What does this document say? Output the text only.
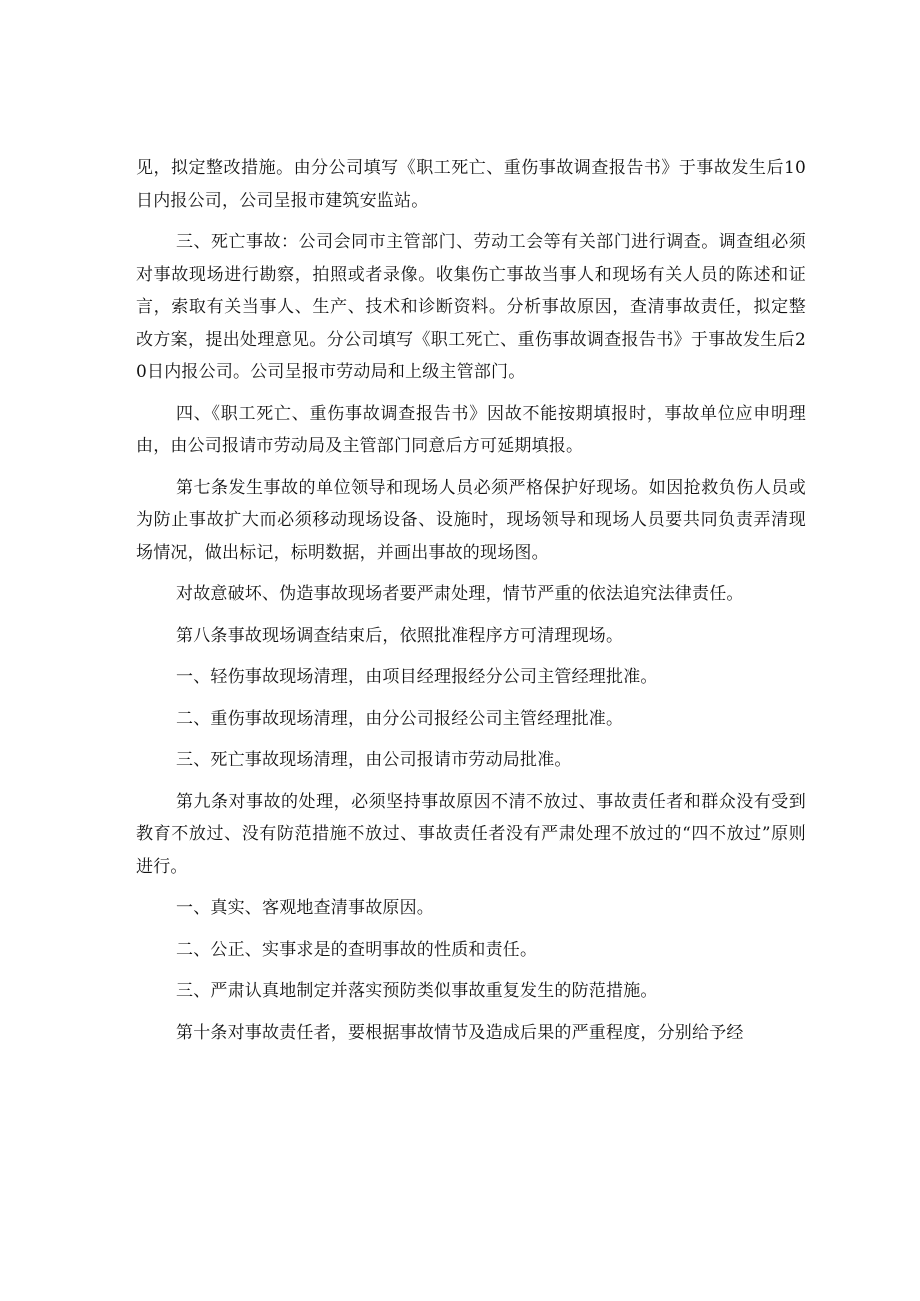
见，拟定整改措施。由分公司填写《职工死亡、重伤事故调查报告书》于事故发生后10日内报公司，公司呈报市建筑安监站。

三、死亡事故：公司会同市主管部门、劳动工会等有关部门进行调查。调查组必须对事故现场进行勘察，拍照或者录像。收集伤亡事故当事人和现场有关人员的陈述和证言，索取有关当事人、生产、技术和诊断资料。分析事故原因，查清事故责任，拟定整改方案，提出处理意见。分公司填写《职工死亡、重伤事故调查报告书》于事故发生后20日内报公司。公司呈报市劳动局和上级主管部门。

四、《职工死亡、重伤事故调查报告书》因故不能按期填报时，事故单位应申明理由，由公司报请市劳动局及主管部门同意后方可延期填报。

第七条发生事故的单位领导和现场人员必须严格保护好现场。如因抢救负伤人员或为防止事故扩大而必须移动现场设备、设施时，现场领导和现场人员要共同负责弄清现场情况，做出标记，标明数据，并画出事故的现场图。

对故意破坏、伪造事故现场者要严肃处理，情节严重的依法追究法律责任。

第八条事故现场调查结束后，依照批准程序方可清理现场。

一、轻伤事故现场清理，由项目经理报经分公司主管经理批准。

二、重伤事故现场清理，由分公司报经公司主管经理批准。

三、死亡事故现场清理，由公司报请市劳动局批准。

第九条对事故的处理，必须坚持事故原因不清不放过、事故责任者和群众没有受到教育不放过、没有防范措施不放过、事故责任者没有严肃处理不放过的“四不放过”原则进行。

一、真实、客观地查清事故原因。

二、公正、实事求是的查明事故的性质和责任。

三、严肃认真地制定并落实预防类似事故重复发生的防范措施。

第十条对事故责任者，要根据事故情节及造成后果的严重程度，分别给予经
